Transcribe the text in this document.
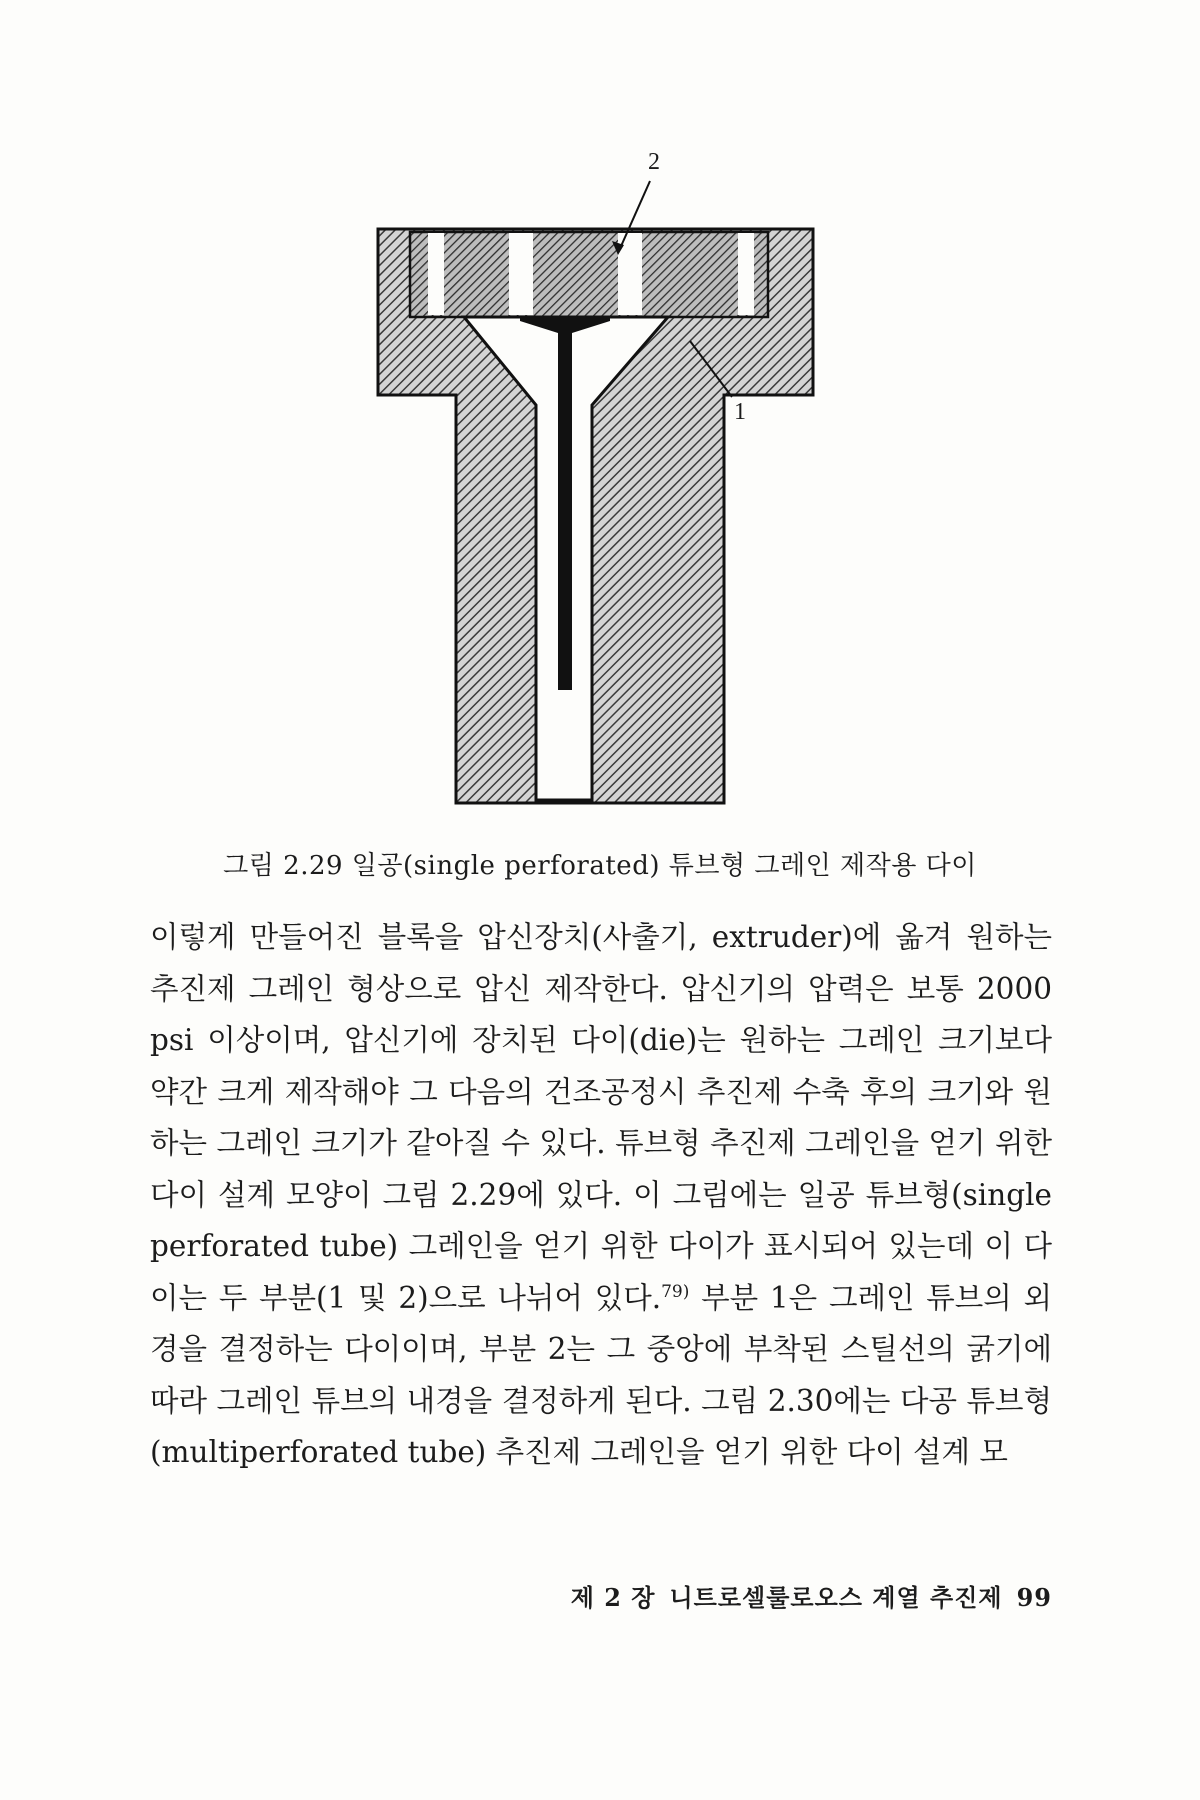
2
1
그림 2.29 일공(single perforated) 튜브형 그레인 제작용 다이

이렇게 만들어진 블록을 압신장치(사출기, extruder)에 옮겨 원하는 추진제 그레인 형상으로 압신 제작한다. 압신기의 압력은 보통 2000 psi 이상이며, 압신기에 장치된 다이(die)는 원하는 그레인 크기보다 약간 크게 제작해야 그 다음의 건조공정시 추진제 수축 후의 크기와 원하는 그레인 크기가 같아질 수 있다. 튜브형 추진제 그레인을 얻기 위한 다이 설계 모양이 그림 2.29에 있다. 이 그림에는 일공 튜브형(single perforated tube) 그레인을 얻기 위한 다이가 표시되어 있는데 이 다이는 두 부분(1 및 2)으로 나뉘어 있다.$^{79)}$ 부분 1은 그레인 튜브의 외경을 결정하는 다이이며, 부분 2는 그 중앙에 부착된 스틸선의 굵기에 따라 그레인 튜브의 내경을 결정하게 된다. 그림 2.30에는 다공 튜브형(multiperforated tube) 추진제 그레인을 얻기 위한 다이 설계 모

제 2 장 니트로셀룰로오스 계열 추진제 99
